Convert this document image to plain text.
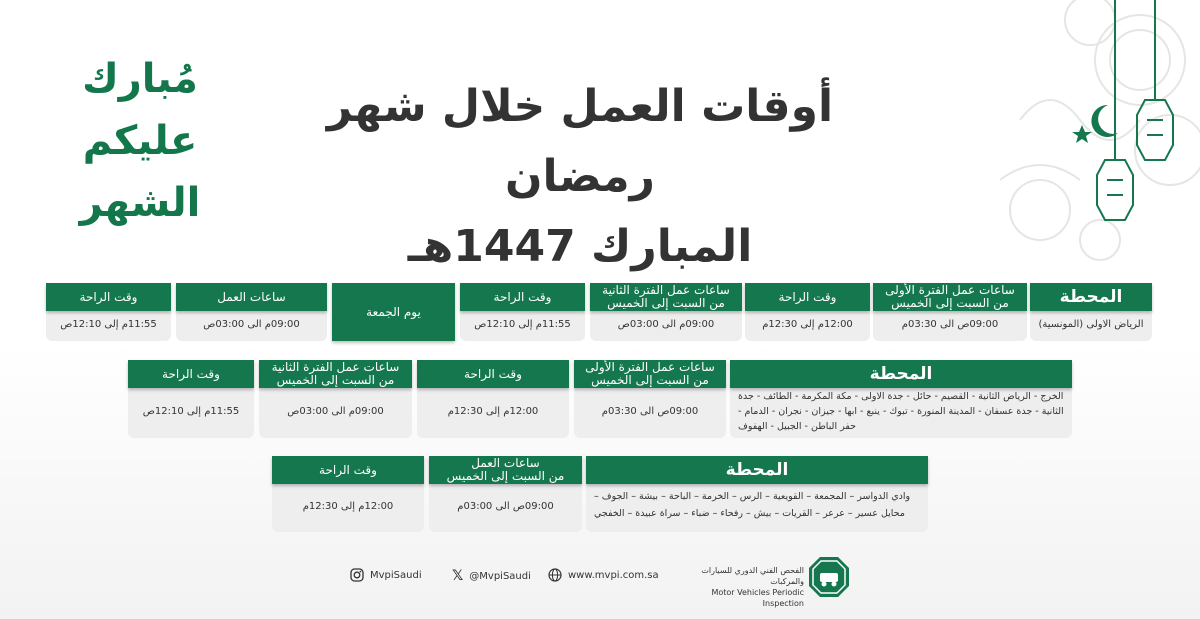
مُبارك
عليكم
الشهر
أوقات العمل خلال شهر رمضان
المبارك 1447هـ
المحطة
الرياض الاولى (المونسية)
ساعات عمل الفترة الأولى
من السبت إلى الخميس
09:00ص الى 03:30م
وقت الراحة
12:00م إلى 12:30م
ساعات عمل الفترة الثانية
من السبت إلى الخميس
09:00م الى 03:00ص
وقت الراحة
11:55م إلى 12:10ص
يوم الجمعة
ساعات العمل
09:00م الى 03:00ص
وقت الراحة
11:55م إلى 12:10ص
المحطة
الخرج - الرياض الثانية - القصيم - حائل - جدة الاولى - مكة المكرمة - الطائف - جدة
الثانية - جدة عسفان - المدينة المنورة - تبوك - ينبع - ابها - جيزان - نجران - الدمام -
حفر الباطن - الجبيل - الهفوف
ساعات عمل الفترة الأولى
من السبت إلى الخميس
09:00ص الى 03:30م
وقت الراحة
12:00م إلى 12:30م
ساعات عمل الفترة الثانية
من السبت إلى الخميس
09:00م الى 03:00ص
وقت الراحة
11:55م إلى 12:10ص
المحطة
وادي الدواسر – المجمعة – القويعية – الرس – الخرمة – الباحة – بيشة – الجوف –
محايل عسير – عرعر – القريات – بيش – رفحاء – ضباء – سراة عبيدة – الخفجي
ساعات العمل
من السبت إلى الخميس
09:00ص الى 03:00م
وقت الراحة
12:00م إلى 12:30م
MvpiSaudi 𝕏 @MvpiSaudi	www.mvpi.com.sa	الفحص الفني الدوري للسيارات والمركبات
Motor Vehicles Periodic Inspection
